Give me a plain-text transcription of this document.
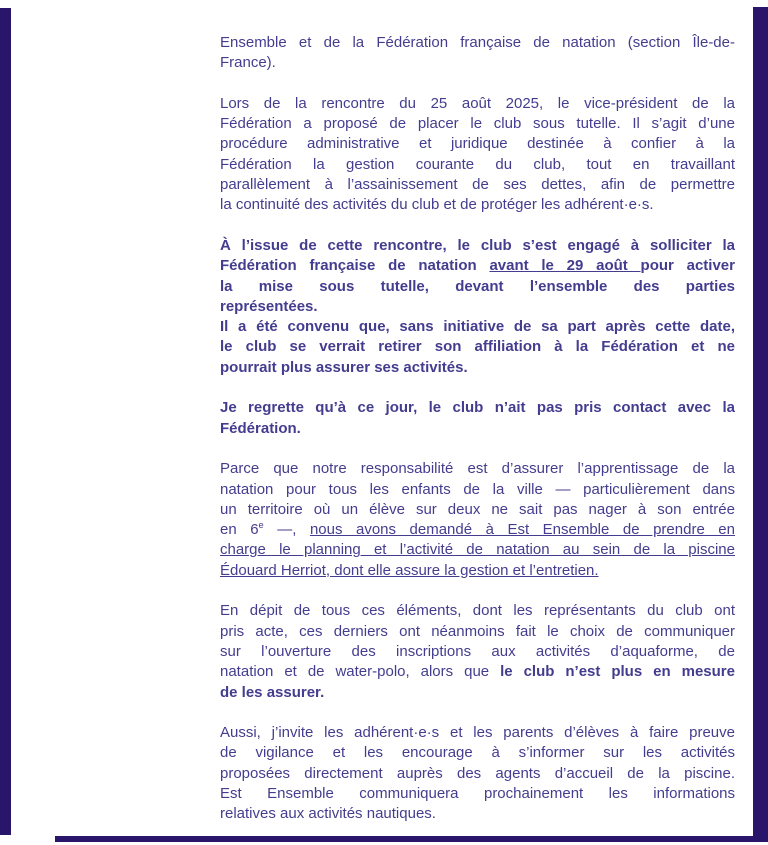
Ensemble et de la Fédération française de natation (section Île-de-
France).
Lors de la rencontre du 25 août 2025, le vice-président de la
Fédération a proposé de placer le club sous tutelle. Il s’agit d’une
procédure administrative et juridique destinée à confier à la
Fédération la gestion courante du club, tout en travaillant
parallèlement à l’assainissement de ses dettes, afin de permettre
la continuité des activités du club et de protéger les adhérent·e·s.
À l’issue de cette rencontre, le club s’est engagé à solliciter la
Fédération française de natation avant le 29 août pour activer
la mise sous tutelle, devant l’ensemble des parties
représentées.
Il a été convenu que, sans initiative de sa part après cette date,
le club se verrait retirer son affiliation à la Fédération et ne
pourrait plus assurer ses activités.
Je regrette qu’à ce jour, le club n’ait pas pris contact avec la
Fédération.
Parce que notre responsabilité est d’assurer l’apprentissage de la
natation pour tous les enfants de la ville — particulièrement dans
un territoire où un élève sur deux ne sait pas nager à son entrée
en 6e —, nous avons demandé à Est Ensemble de prendre en
charge le planning et l’activité de natation au sein de la piscine
Édouard Herriot, dont elle assure la gestion et l’entretien.
En dépit de tous ces éléments, dont les représentants du club ont
pris acte, ces derniers ont néanmoins fait le choix de communiquer
sur l’ouverture des inscriptions aux activités d’aquaforme, de
natation et de water-polo, alors que le club n’est plus en mesure
de les assurer.
Aussi, j’invite les adhérent·e·s et les parents d’élèves à faire preuve
de vigilance et les encourage à s’informer sur les activités
proposées directement auprès des agents d’accueil de la piscine.
Est Ensemble communiquera prochainement les informations
relatives aux activités nautiques.
